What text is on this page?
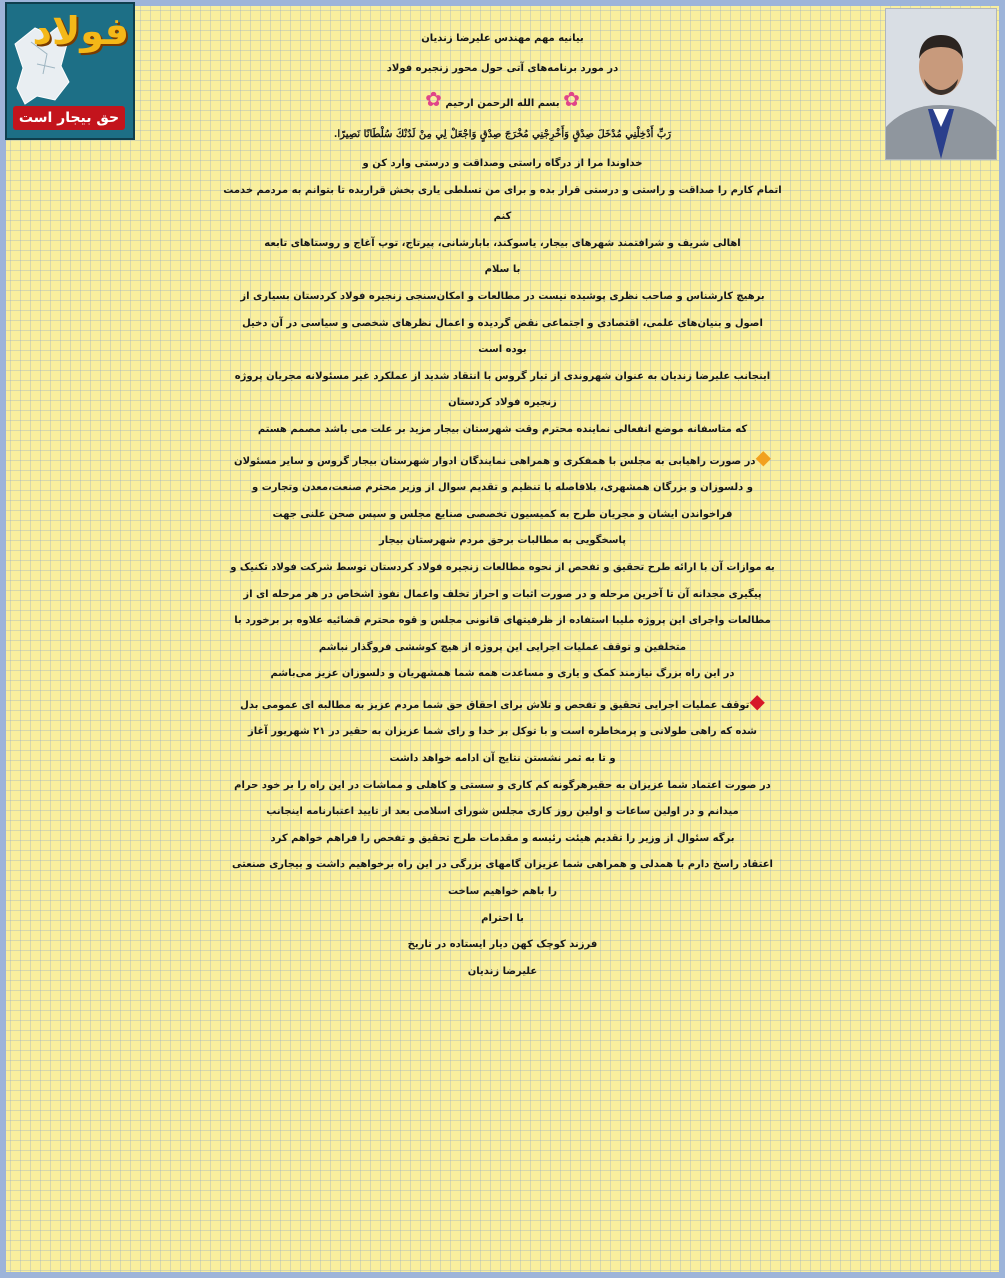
فولاد
حق بیجار است
بیانیه مهم مهندس علیرضا زندیان
در مورد برنامه‌های آتی حول محور زنجیره فولاد
✿ بسم الله الرحمن ارحیم ✿
رَبِّ أَدْخِلْنِي مُدْخَلَ صِدْقٍ وَأَخْرِجْنِي مُخْرَجَ صِدْقٍ وَاجْعَلْ لِي مِنْ لَدُنْكَ سُلْطَانًا نَصِيرًا.
خداوندا مرا از درگاه راستی وصداقت و درستی وارد کن و
اتمام کارم را صداقت و راستی و درستی قرار بده و برای من تسلطی یاری بخش قراربده تا بتوانم به مردمم خدمت
کنم
اهالی شریف و شرافتمند شهرهای بیجار، یاسوکند، بابارشانی، پیرتاج، توپ آغاج و روستاهای تابعه
با سلام
برهیچ کارشناس و صاحب نظری پوشیده نیست در مطالعات و امکان‌سنجی زنجیره فولاد کردستان بسیاری از
اصول و بنیان‌های علمی، اقتصادی و اجتماعی نقض گردیده و اعمال نظرهای شخصی و سیاسی در آن دخیل
بوده است
اینجانب علیرضا زندیان به عنوان شهروندی از تبار گروس با انتقاد شدید از عملکرد غیر مسئولانه مجریان پروژه
زنجیره فولاد کردستان
که متاسفانه موضع انفعالی نماینده محترم وقت شهرستان بیجار مزید بر علت می باشد مصمم هستم
◆در صورت راهیابی به مجلس با همفکری و همراهی نمایندگان ادوار شهرستان بیجار گروس و سایر مسئولان
و دلسوزان و بزرگان همشهری، بلافاصله با تنظیم و تقدیم سوال از وزیر محترم صنعت،معدن وتجارت و
فراخواندن ایشان و مجریان طرح به کمیسیون تخصصی صنایع مجلس و سپس صحن علنی جهت
پاسخگویی به مطالبات برحق مردم شهرستان بیجار
به موازات آن با ارائه طرح تحقیق و تفحص از نحوه مطالعات زنجیره فولاد کردستان توسط شرکت فولاد تکنیک و
پیگیری مجدانه آن تا آخرین مرحله و در صورت اثبات و احراز تخلف واعمال نفوذ اشخاص در هر مرحله ای از
مطالعات واجرای این پروژه ملیبا استفاده از ظرفیتهای قانونی مجلس و قوه محترم قضائیه علاوه بر برخورد با
متخلفین و توقف عملیات اجرایی این پروژه از هیچ کوششی فروگذار نباشم
در این راه بزرگ نیازمند کمک و یاری و مساعدت همه شما همشهریان و دلسوزان عزیز می‌باشم
◆توقف عملیات اجرایی تحقیق و تفحص و تلاش برای احقاق حق شما مردم عزیز به مطالبه ای عمومی بدل
شده که راهی طولانی و پرمخاطره است و با توکل بر خدا و رای شما عزیزان به حقیر در ۲۱ شهریور آغاز
و تا به ثمر نشستن نتایج آن ادامه خواهد داشت
در صورت اعتماد شما عزیزان به حقیرهرگونه کم کاری و سستی و کاهلی و مماشات در این راه را بر خود حرام
میدانم و در اولین ساعات و اولین روز کاری مجلس شورای اسلامی بعد از تایید اعتبارنامه اینجانب
برگه سئوال از وزیر را تقدیم هیئت رئیسه و مقدمات طرح تحقیق و تفحص را فراهم خواهم کرد
اعتقاد راسخ دارم با همدلی و همراهی شما عزیزان گامهای بزرگی در این راه برخواهیم داشت و بیجاری صنعتی
را باهم خواهیم ساخت
با احترام
فرزند کوچک کهن دیار ایستاده در تاریخ
علیرضا زندیان
